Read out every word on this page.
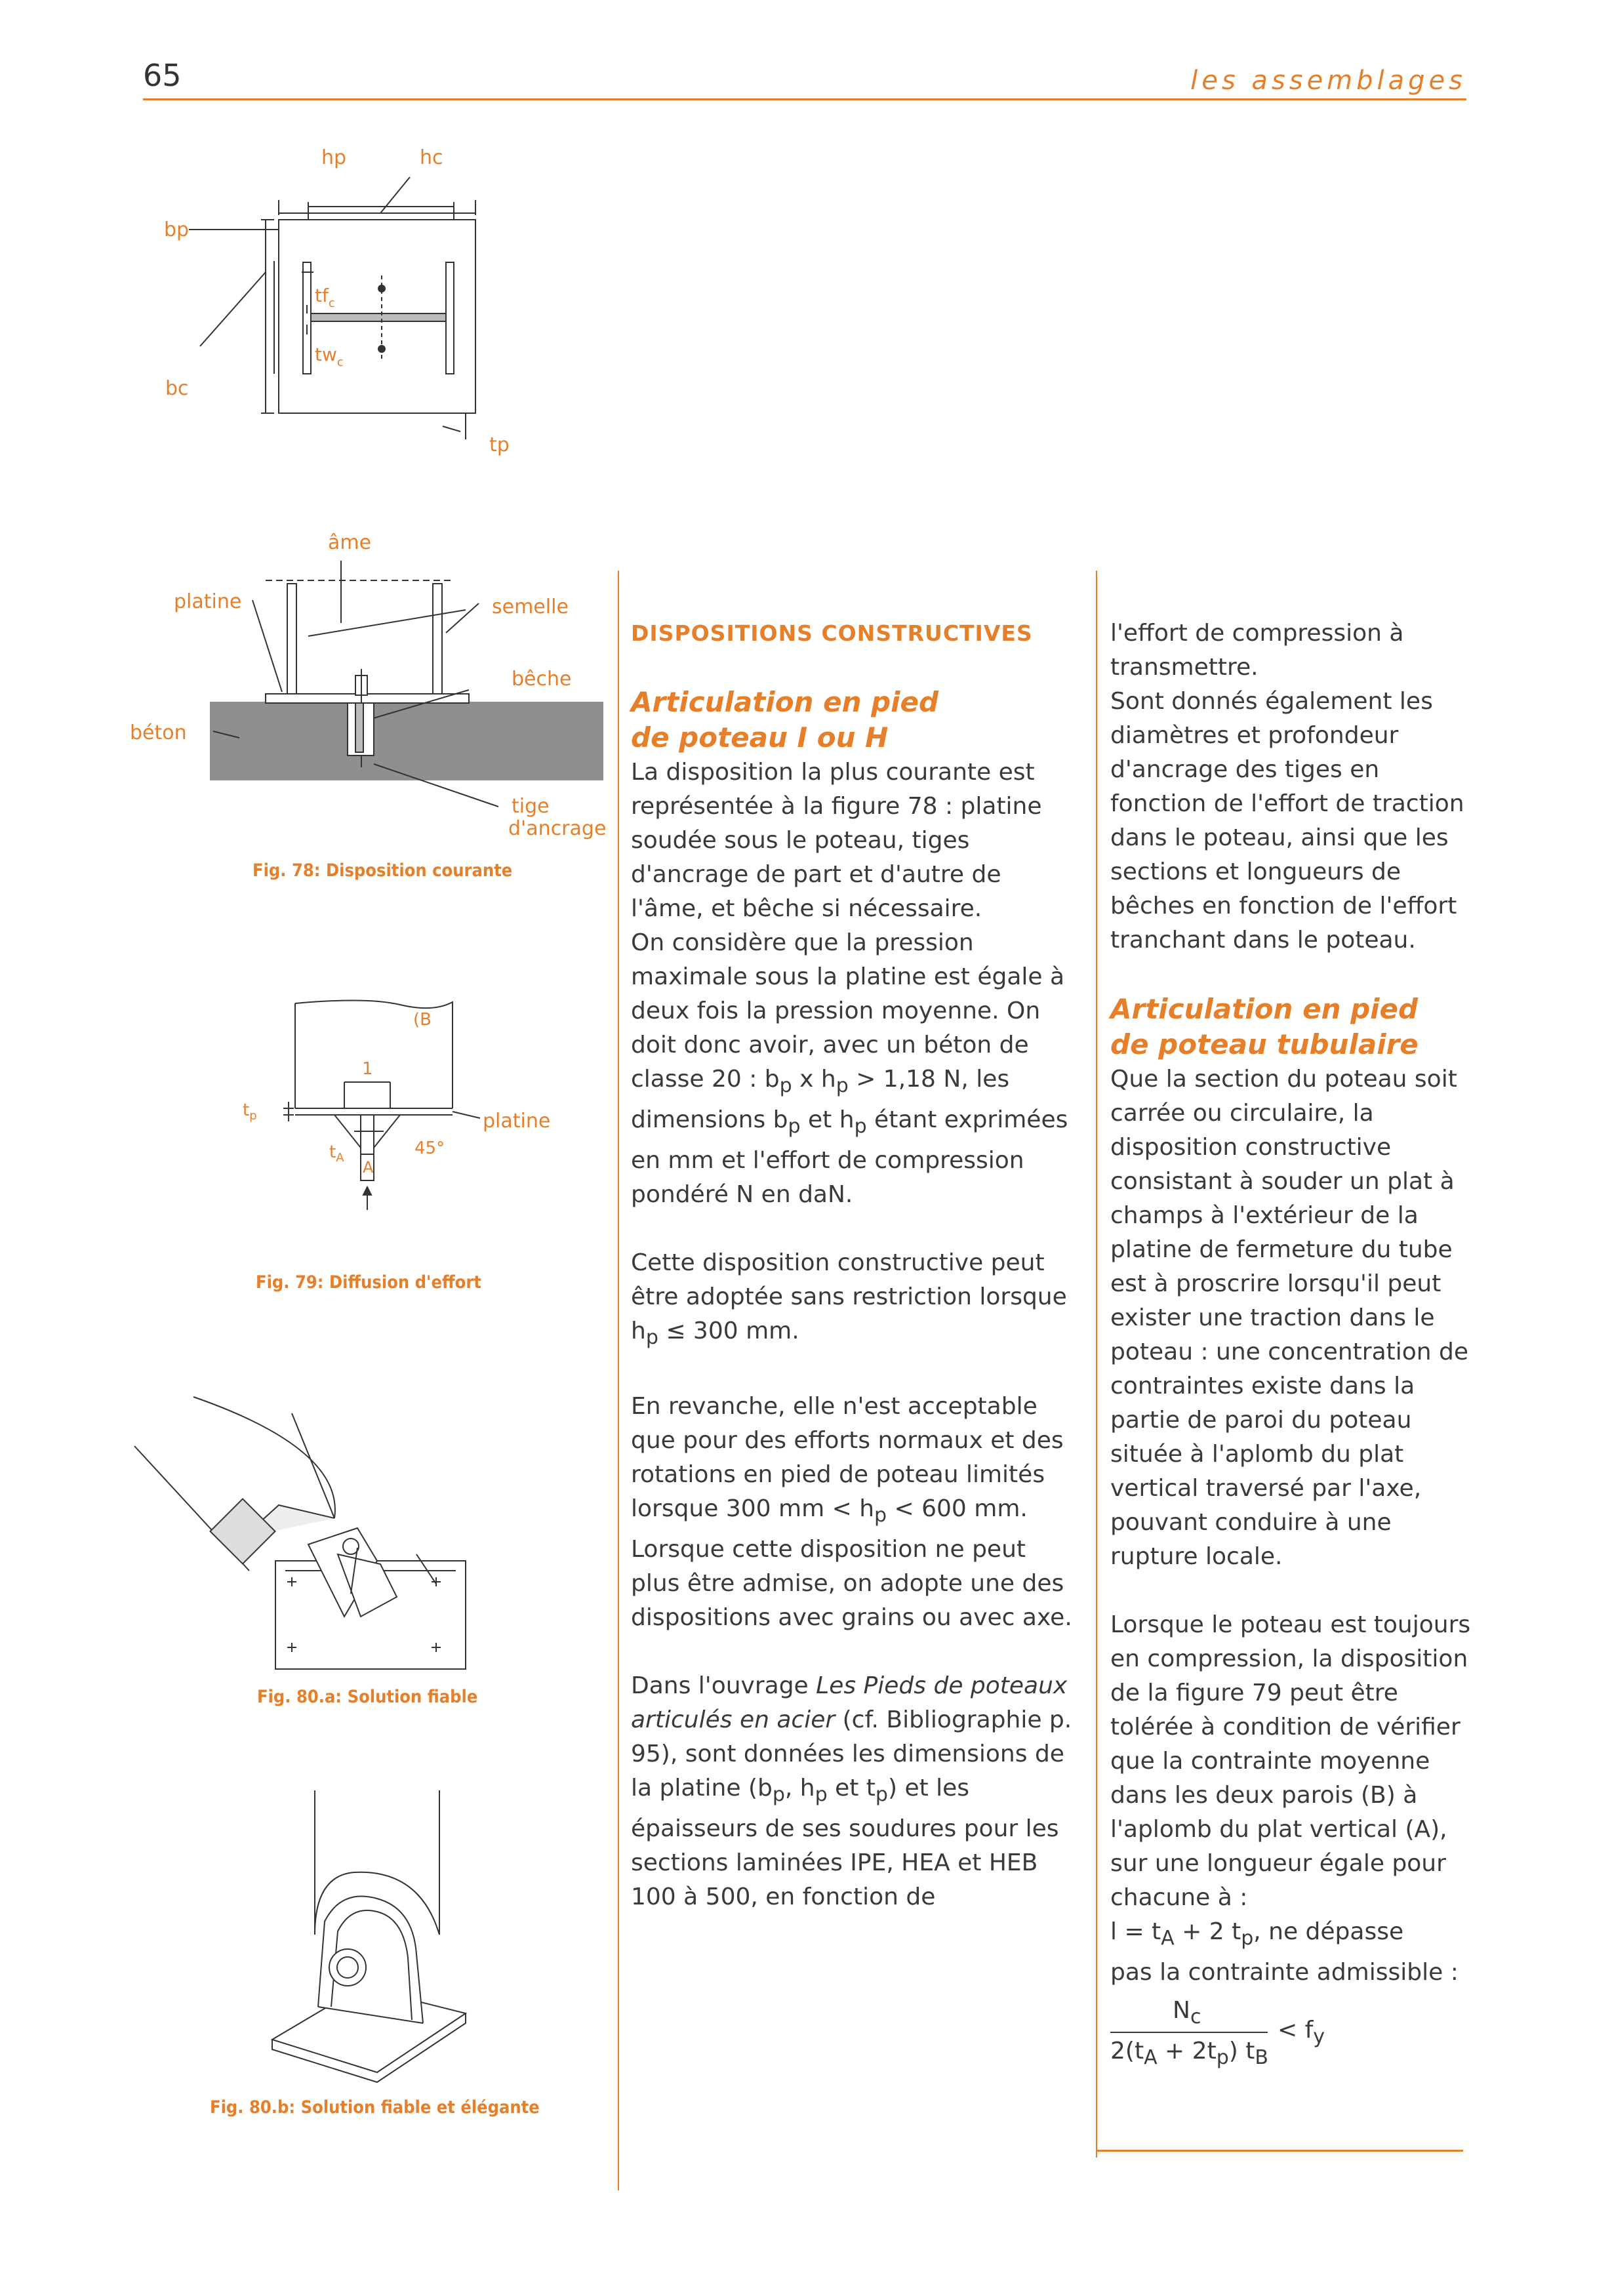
65	les assemblages
hp	hc
bp
bc
tp
$tf_c$
$tw_c$
âme
platine	semelle
bêche
béton
tige
d'ancrage
Fig. 78: Disposition courante
(B
1
$t_p$
$t_A$	45°
A
platine
Fig. 79: Diffusion d'effort
Fig. 80.a: Solution fiable
Fig. 80.b: Solution fiable et élégante
DISPOSITIONS CONSTRUCTIVES
Articulation en pied
de poteau I ou H

La disposition la plus courante est représentée à la figure 78 : platine soudée sous le poteau, tiges d'ancrage de part et d'autre de l'âme, et bêche si nécessaire.

On considère que la pression maximale sous la platine est égale à deux fois la pression moyenne. On doit donc avoir, avec un béton de classe 20 : $b_p$ x $h_p > 1,18$ N, les dimensions $b_p$ et $h_p$ étant exprimées en mm et l'effort de compression pondéré N en daN.

Cette disposition constructive peut être adoptée sans restriction lorsque $h_p \le 300$ mm.

En revanche, elle n'est acceptable que pour des efforts normaux et des rotations en pied de poteau limités lorsque 300 mm < $h_p < 600$ mm. Lorsque cette disposition ne peut plus être admise, on adopte une des dispositions avec grains ou avec axe.

Dans l'ouvrage Les Pieds de poteaux articulés en acier (cf. Bibliographie p. 95), sont données les dimensions de la platine ($b_p$, $h_p$ et $t_p$) et les épaisseurs de ses soudures pour les sections laminées IPE, HEA et HEB 100 à 500, en fonction de

l'effort de compression à transmettre.

Sont donnés également les diamètres et profondeur d'ancrage des tiges en fonction de l'effort de traction dans le poteau, ainsi que les sections et longueurs de bêches en fonction de l'effort tranchant dans le poteau.

Articulation en pied
de poteau tubulaire

Que la section du poteau soit carrée ou circulaire, la disposition constructive consistant à souder un plat à champs à l'extérieur de la platine de fermeture du tube est à proscrire lorsqu'il peut exister une traction dans le poteau : une concentration de contraintes existe dans la partie de paroi du poteau située à l'aplomb du plat vertical traversé par l'axe, pouvant conduire à une rupture locale.

Lorsque le poteau est toujours en compression, la disposition de la figure 79 peut être tolérée à condition de vérifier que la contrainte moyenne dans les deux parois (B) à l'aplomb du plat vertical (A), sur une longueur égale pour chacune à :

$l = t_A + 2$ $t_p$, ne dépasse
pas la contrainte admissible :
$N_c$
$2(t_A + 2t_p)$ $t_B$
< $f_y$
